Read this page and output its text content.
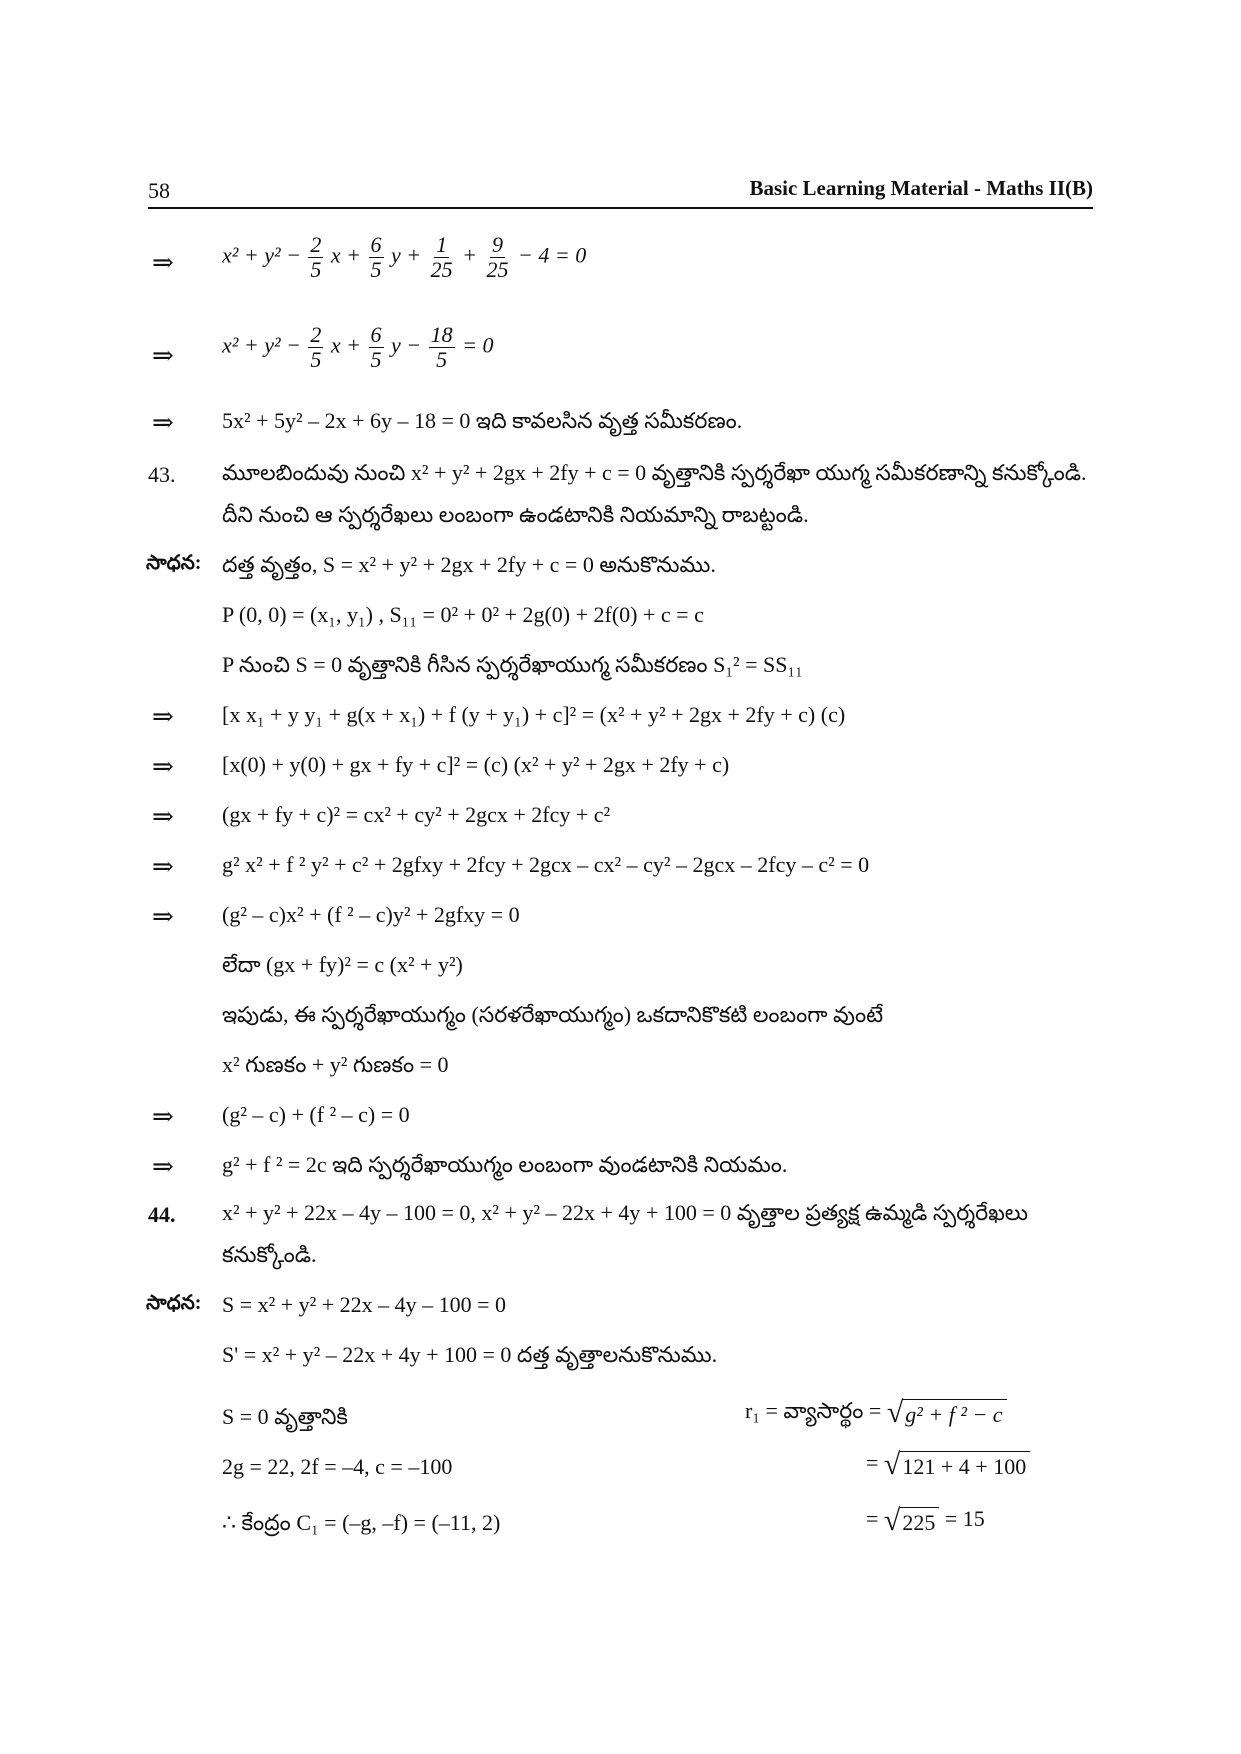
58	Basic Learning Material - Maths II(B)
⇒ $x^2 + y^2 - \frac{2}{5}$ $x + \frac{6}{5}$ $y + \frac{1}{25} + \frac{9}{25} - 4 = 0$
⇒ $x^2 + y^2 - \frac{2}{5}$ $x + \frac{6}{5}$ $y - \frac{18}{5} = 0$
⇒ 5x² + 5y² – 2x + 6y – 18 = 0 ఇది కావలసిన వృత్త సమీకరణం.
43. మూలబిందువు నుంచి x² + y² + 2gx + 2fy + c = 0 వృత్తానికి స్పర్శరేఖా యుగ్మ సమీకరణాన్ని కనుక్కోండి. దీని నుంచి ఆ స్పర్శరేఖలు లంబంగా ఉండటానికి నియమాన్ని రాబట్టండి.
సాధన: దత్త వృత్తం, S = x² + y² + 2gx + 2fy + c = 0 అనుకొనుము.
P (0, 0) = (x₁, y₁) , S₁₁ = 0² + 0² + 2g(0) + 2f(0) + c = c
P నుంచి S = 0 వృత్తానికి గీసిన స్పర్శరేఖాయుగ్మ సమీకరణం S₁² = SS₁₁
⇒ [x x₁ + y y₁ + g(x + x₁) + f (y + y₁) + c]² = (x² + y² + 2gx + 2fy + c) (c)
⇒ [x(0) + y(0) + gx + fy + c]² = (c) (x² + y² + 2gx + 2fy + c)
⇒ (gx + fy + c)² = cx² + cy² + 2gcx + 2fcy + c²
⇒ g² x² + f ² y² + c² + 2gfxy + 2fcy + 2gcx – cx² – cy² – 2gcx – 2fcy – c² = 0
⇒ (g² – c)x² + (f ² – c)y² + 2gfxy = 0
లేదా (gx + fy)² = c (x² + y²)
ఇపుడు, ఈ స్పర్శరేఖాయుగ్మం (సరళరేఖాయుగ్మం) ఒకదానికొకటి లంబంగా వుంటే
x² గుణకం + y² గుణకం = 0
⇒ (g² – c) + (f ² – c) = 0
⇒ g² + f ² = 2c ఇది స్పర్శరేఖాయుగ్మం లంబంగా వుండటానికి నియమం.
44. x² + y² + 22x – 4y – 100 = 0, x² + y² – 22x + 4y + 100 = 0 వృత్తాల ప్రత్యక్ష ఉమ్మడి స్పర్శరేఖలు కనుక్కోండి.
సాధన: S = x² + y² + 22x – 4y – 100 = 0
S' = x² + y² – 22x + 4y + 100 = 0 దత్త వృత్తాలనుకొనుము.
S = 0 వృత్తానికి
2g = 22, 2f = –4, c = –100
∴ కేంద్రం C₁ = (–g, –f) = (–11, 2)
r₁ = వ్యాసార్థం = √ g² + f ² − c
= √ 121 + 4 + 100
= √ 225 = 15
